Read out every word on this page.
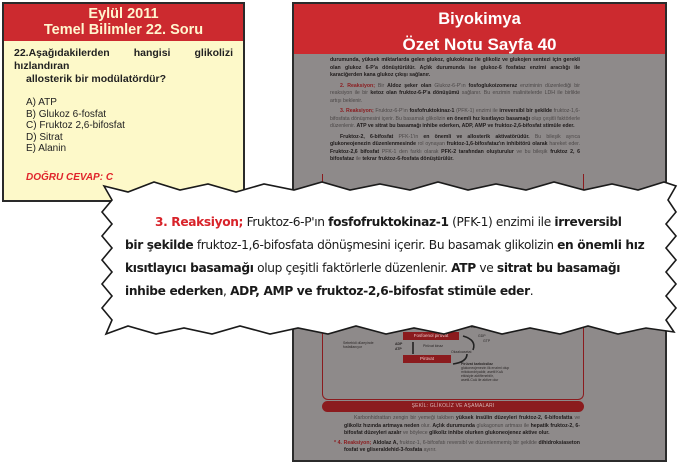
Eylül 2011
Temel Bilimler 22. Soru
22.Aşağıdakilerden hangisi glikolizi hızlandıran
allosterik bir modülatördür?
A) ATP
B) Glukoz 6-fosfat
C) Fruktoz 2,6-bifosfat
D) Sitrat
E) Alanin
DOĞRU CEVAP: C
Biyokimya
Özet Notu Sayfa 40

durumunda, yüksek miktarlarda gelen glukoz, glukokinaz ile glikoliz ve glukojen sentezi için gerekli olan glukoz 6-P'a dönüştürülür. Açlık durumunda ise glukoz-6 fosfataz enzimi aracılığı ile karaciğerden kana glukoz çıkışı sağlanır.

2. Reaksiyon; Bir Aldoz şeker olan Glukoz-6-P'ın fosfoglukoizomeraz enziminin düzenlediği bir reaksiyon ile bir ketoz olan fruktoz-6-P'a dönüşümü sağlanır. Bu enzimin malinitelerde LDH ile birlikte artışı beklenir.

3. Reaksiyon; Fruktoz-6-P'ın fosfofruktokinaz-1 (PFK-1) enzimi ile irreversibl bir şekilde fruktoz-1,6-bifosfata dönüşmesini içerir. Bu basamak glikolizin en önemli hız kısıtlayıcı basamağı olup çeşitli faktörlerle düzenlenir. ATP ve sitrat bu basamağı inhibe ederken, ADP, AMP ve fruktoz-2,6-bifosfat stimüle eder.

Fruktoz-2, 6-bifosfat PFK-1'in en önemli ve allosterik aktivatörüdür. Bu bileşik ayrıca glukoneojenezin düzenlenmesinde rol oynayan fruktoz-1,6-bifosfataz'ın inhibitörü olarak hareket eder. Fruktoz-2,6 bifosfat PFK-1 den farklı olarak PFK-2 tarafından oluşturulur ve bu bileşik fruktoz 2, 6 bifosfataz ile tekrar fruktoz-6-fosfata dönüştürülür.

Fosfoenol pirüvat	GDP
GTP
Sebebidi düzeyinde
fosfatlanıyor
ADP
ATP
Pirüvat kinaz
Okzaloasetat
Pirüvat
Pirüvat karboksilaz
glukoneojenezin ilk enzimi olup
mitokondriyaldir, asetil KoA
etkisiyle aktiflenebilir,
asetil-CoA ile aktive olur
ŞEKİL: GLİKOLİZ VE AŞAMALARI

Karbonhidrattan zengin bir yemeği takiben yüksek insülin düzeyleri fruktoz-2, 6-bifosfatta ve glikoliz hızında artmaya neden olur. Açlık durumunda glukagonun artması ile hepatik fruktoz-2, 6-bifosfat düzeyleri azalır ve böylece glikoliz inhibe olurken glukoneojenez aktive olur.

* 4. Reaksiyon; Aldolaz A, fruktoz-1, 6-bifosfatı reversibl ve düzenlenmemiş bir şekilde dihidroksiaseton fosfat ve gliseraldehid-3-fosfata ayırır.

3. Reaksiyon; Fruktoz-6-P'ın fosfofruktokinaz-1 (PFK-1) enzimi ile irreversibl
bir şekilde fruktoz-1,6-bifosfata dönüşmesini içerir. Bu basamak glikolizin en önemli hız
kısıtlayıcı basamağı olup çeşitli faktörlerle düzenlenir. ATP ve sitrat bu basamağı
inhibe ederken, ADP, AMP ve fruktoz-2,6-bifosfat stimüle eder.
